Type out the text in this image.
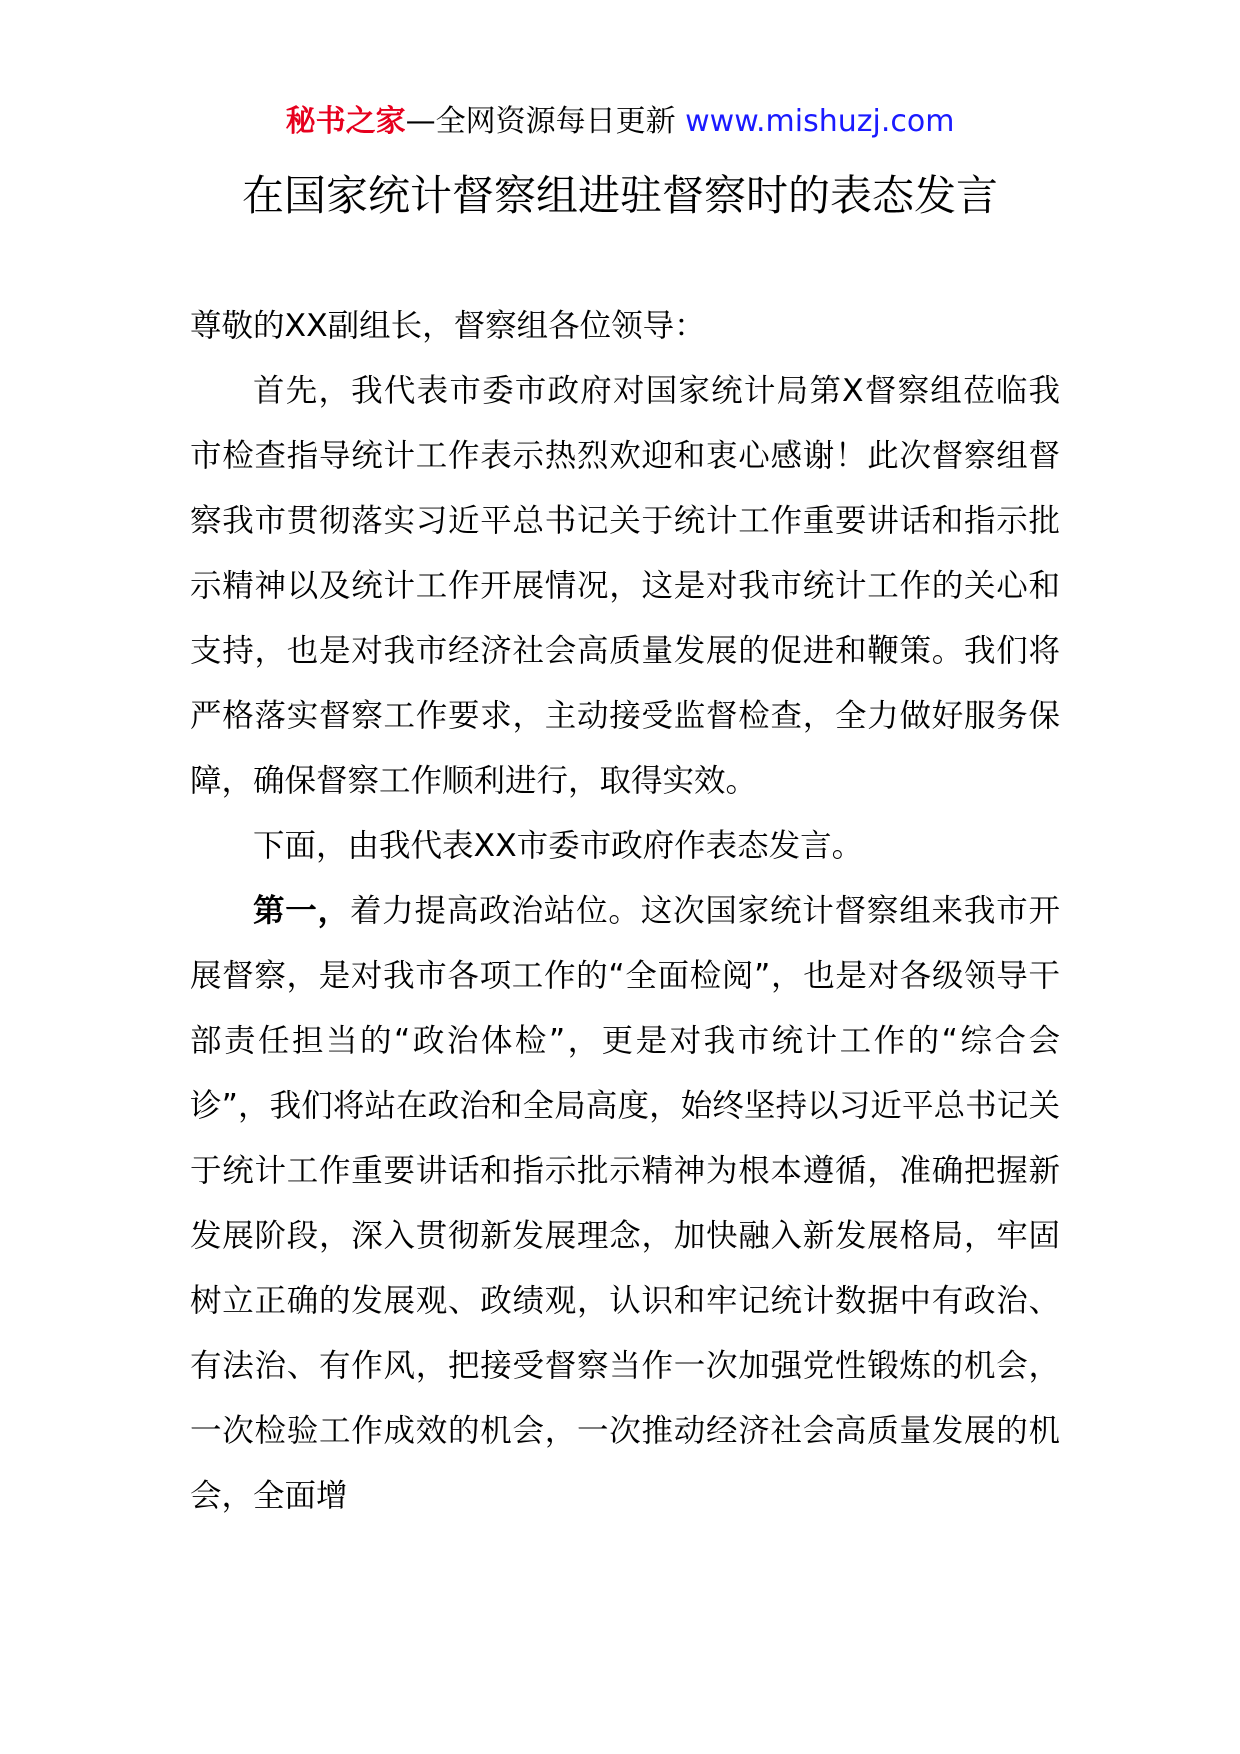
秘书之家—全网资源每日更新 www.mishuzj.com
在国家统计督察组进驻督察时的表态发言

尊敬的XX副组长，督察组各位领导：

首先，我代表市委市政府对国家统计局第X督察组莅临我市检查指导统计工作表示热烈欢迎和衷心感谢！此次督察组督察我市贯彻落实习近平总书记关于统计工作重要讲话和指示批示精神以及统计工作开展情况，这是对我市统计工作的关心和支持，也是对我市经济社会高质量发展的促进和鞭策。我们将严格落实督察工作要求，主动接受监督检查，全力做好服务保障，确保督察工作顺利进行，取得实效。

下面，由我代表XX市委市政府作表态发言。

第一，着力提高政治站位。这次国家统计督察组来我市开展督察，是对我市各项工作的“全面检阅”，也是对各级领导干部责任担当的“政治体检”，更是对我市统计工作的“综合会诊”，我们将站在政治和全局高度，始终坚持以习近平总书记关于统计工作重要讲话和指示批示精神为根本遵循，准确把握新发展阶段，深入贯彻新发展理念，加快融入新发展格局，牢固树立正确的发展观、政绩观，认识和牢记统计数据中有政治、有法治、有作风，把接受督察当作一次加强党性锻炼的机会，一次检验工作成效的机会，一次推动经济社会高质量发展的机会，全面增
